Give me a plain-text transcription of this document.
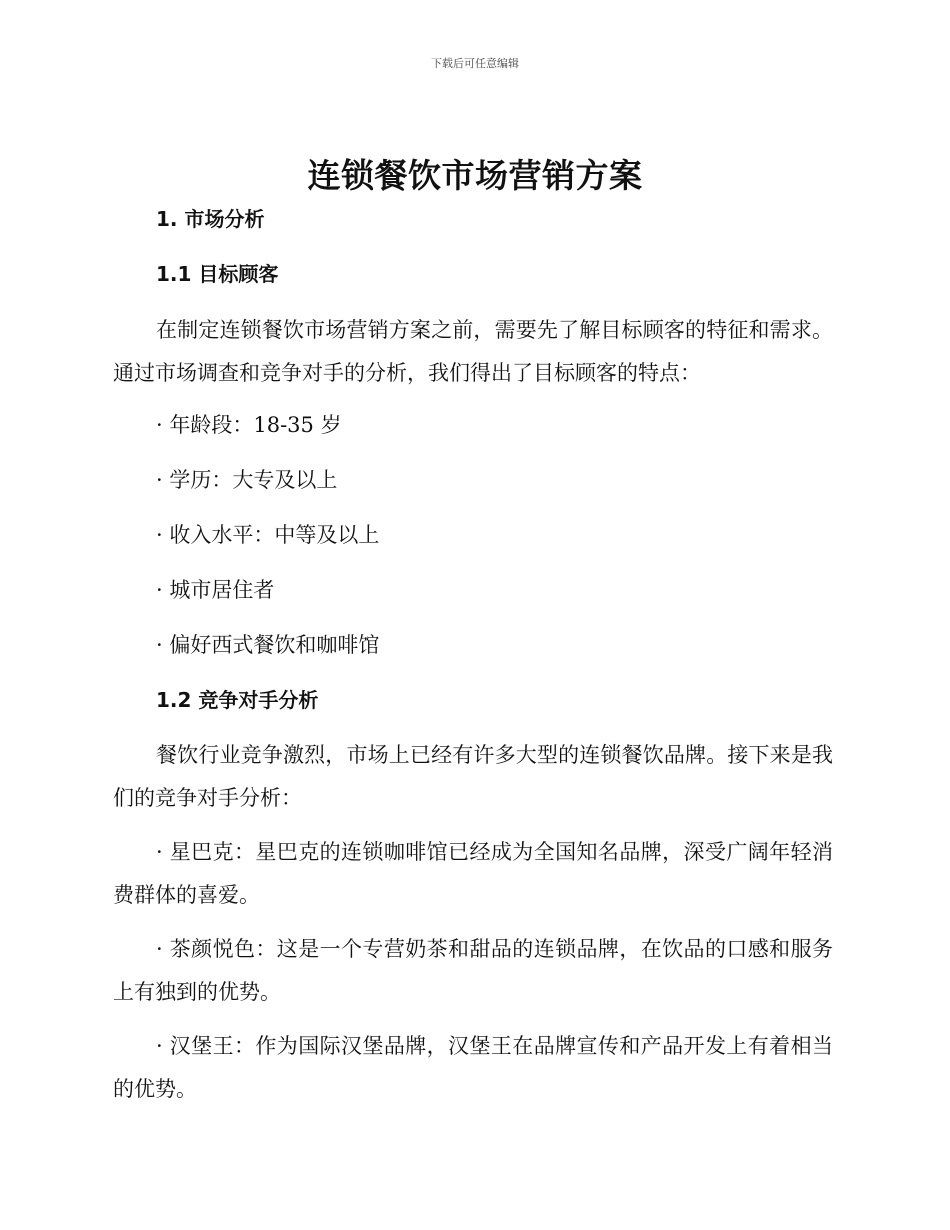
下载后可任意编辑
连锁餐饮市场营销方案
1. 市场分析
1.1 目标顾客
在制定连锁餐饮市场营销方案之前，需要先了解目标顾客的特征和需求。通过市场调查和竞争对手的分析，我们得出了目标顾客的特点：
· 年龄段：18-35 岁
· 学历：大专及以上
· 收入水平：中等及以上
· 城市居住者
· 偏好西式餐饮和咖啡馆
1.2 竞争对手分析
餐饮行业竞争激烈，市场上已经有许多大型的连锁餐饮品牌。接下来是我们的竞争对手分析：
· 星巴克：星巴克的连锁咖啡馆已经成为全国知名品牌，深受广阔年轻消费群体的喜爱。
· 茶颜悦色：这是一个专营奶茶和甜品的连锁品牌，在饮品的口感和服务上有独到的优势。
· 汉堡王：作为国际汉堡品牌，汉堡王在品牌宣传和产品开发上有着相当的优势。
